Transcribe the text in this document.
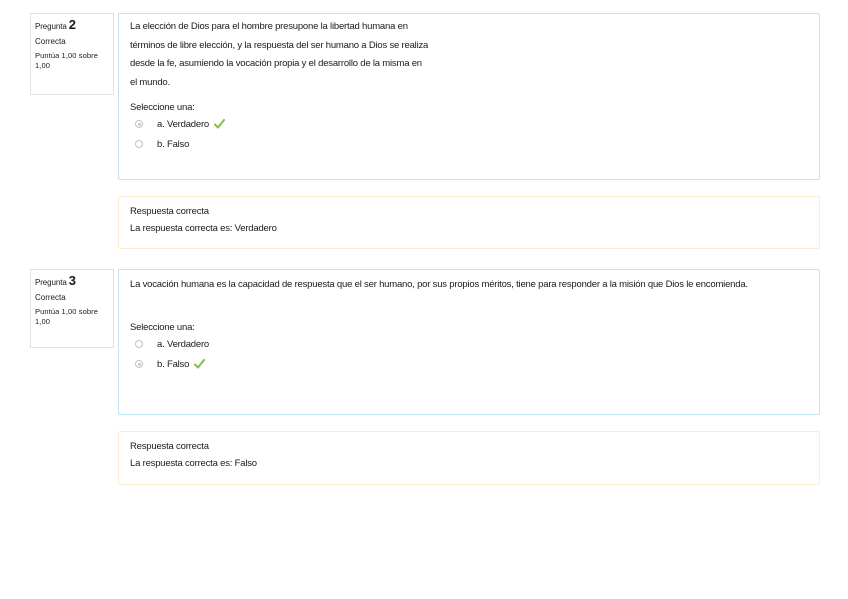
Pregunta 2
Correcta
Puntúa 1,00 sobre 1,00
La elección de Dios para el hombre presupone la libertad humana en términos de libre elección, y la respuesta del ser humano a Dios se realiza desde la fe, asumiendo la vocación propia y el desarrollo de la misma en el mundo.
Seleccione una:
a. Verdadero
b. Falso
Respuesta correcta
La respuesta correcta es: Verdadero
Pregunta 3
Correcta
Puntúa 1,00 sobre 1,00
La vocación humana es la capacidad de respuesta que el ser humano, por sus propios méritos, tiene para responder a la misión que Dios le encomienda.
Seleccione una:
a. Verdadero
b. Falso
Respuesta correcta
La respuesta correcta es: Falso
